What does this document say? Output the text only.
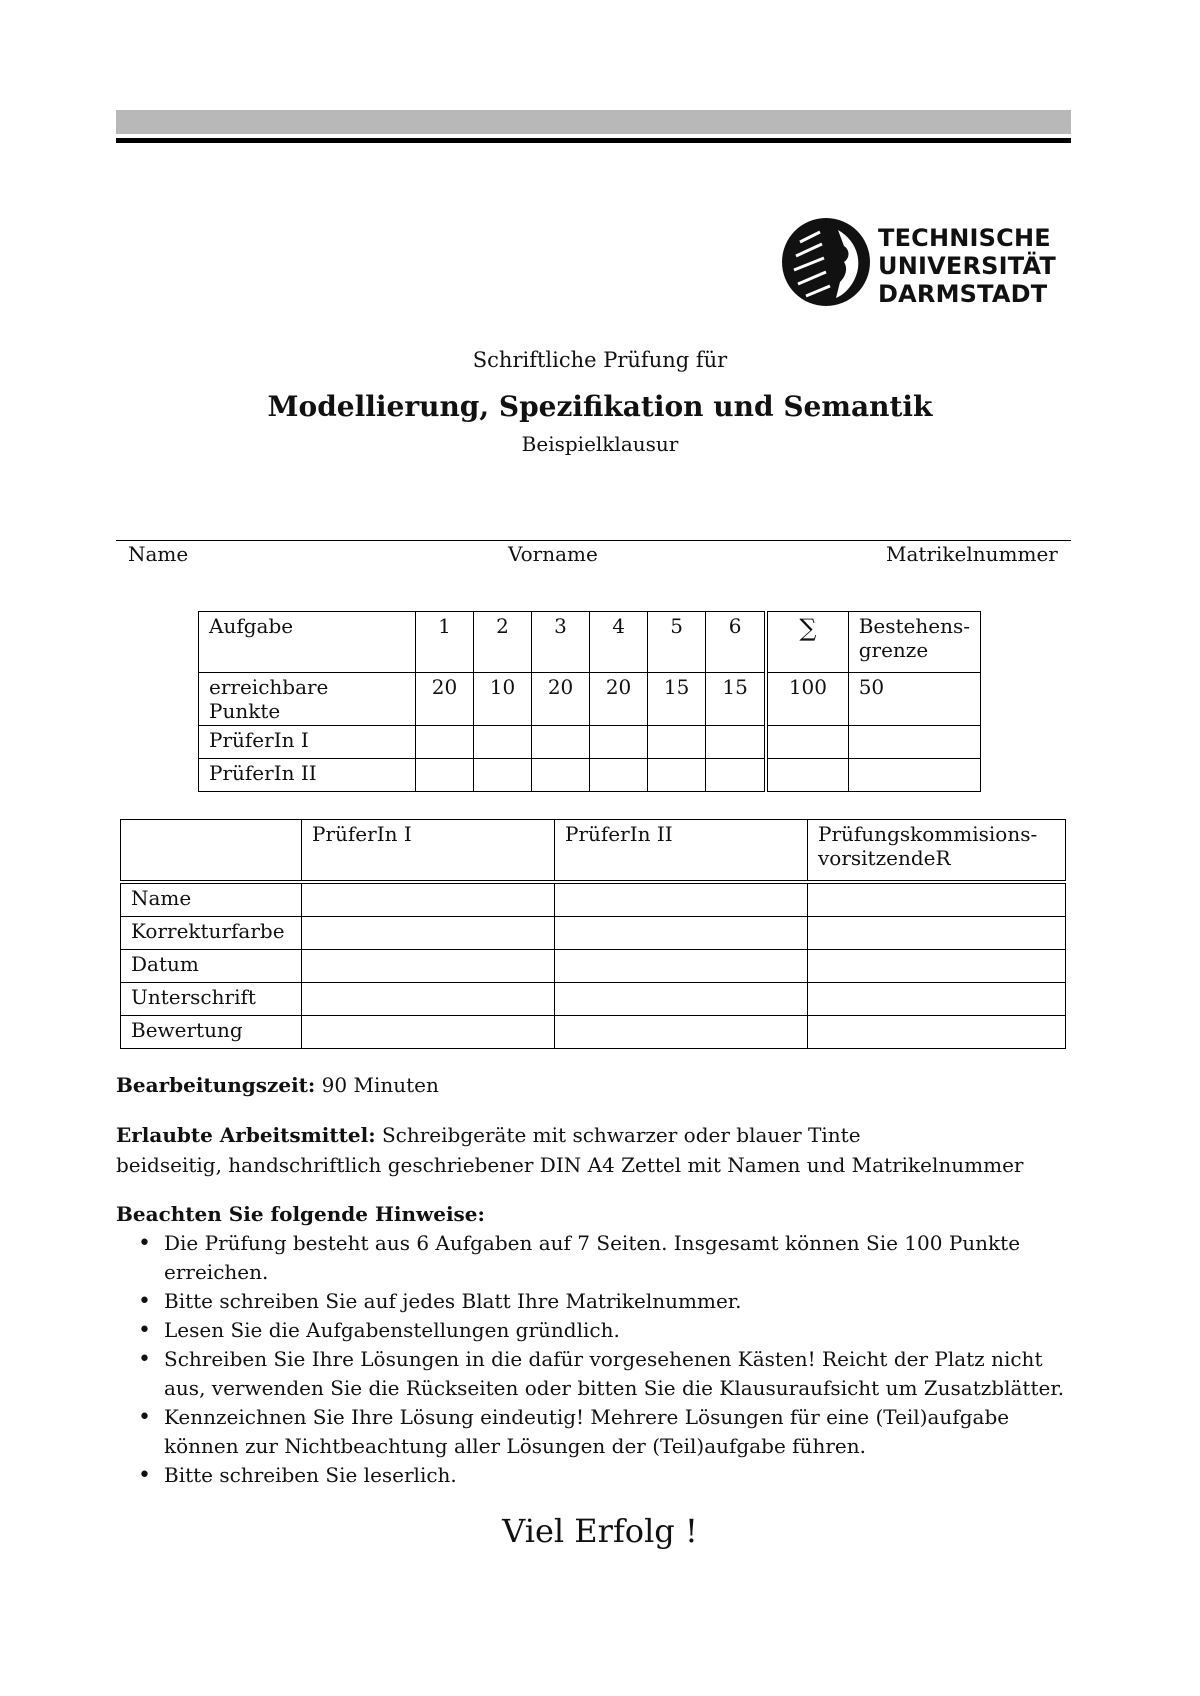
TECHNISCHE
UNIVERSITÄT
DARMSTADT
Schriftliche Prüfung für
Modellierung, Spezifikation und Semantik
Beispielklausur
Name	Vorname	Matrikelnummer
Aufgabe	1	2	3	4	5	6	∑	Bestehens-grenze
erreichbare Punkte	20	10	20	20	15	15	100	50
PrüferIn I								
PrüferIn II								
	PrüferIn I	PrüferIn II	Prüfungskommisions-vorsitzendeR
Name			
Korrekturfarbe			
Datum			
Unterschrift			
Bewertung			
Bearbeitungszeit: 90 Minuten
Erlaubte Arbeitsmittel: Schreibgeräte mit schwarzer oder blauer Tinte
beidseitig, handschriftlich geschriebener DIN A4 Zettel mit Namen und Matrikelnummer
Beachten Sie folgende Hinweise:
• Die Prüfung besteht aus 6 Aufgaben auf 7 Seiten. Insgesamt können Sie 100 Punkte erreichen.
• Bitte schreiben Sie auf jedes Blatt Ihre Matrikelnummer.
• Lesen Sie die Aufgabenstellungen gründlich.
• Schreiben Sie Ihre Lösungen in die dafür vorgesehenen Kästen! Reicht der Platz nicht aus, verwenden Sie die Rückseiten oder bitten Sie die Klausuraufsicht um Zusatzblätter.
• Kennzeichnen Sie Ihre Lösung eindeutig! Mehrere Lösungen für eine (Teil)aufgabe können zur Nichtbeachtung aller Lösungen der (Teil)aufgabe führen.
• Bitte schreiben Sie leserlich.
Viel Erfolg !
